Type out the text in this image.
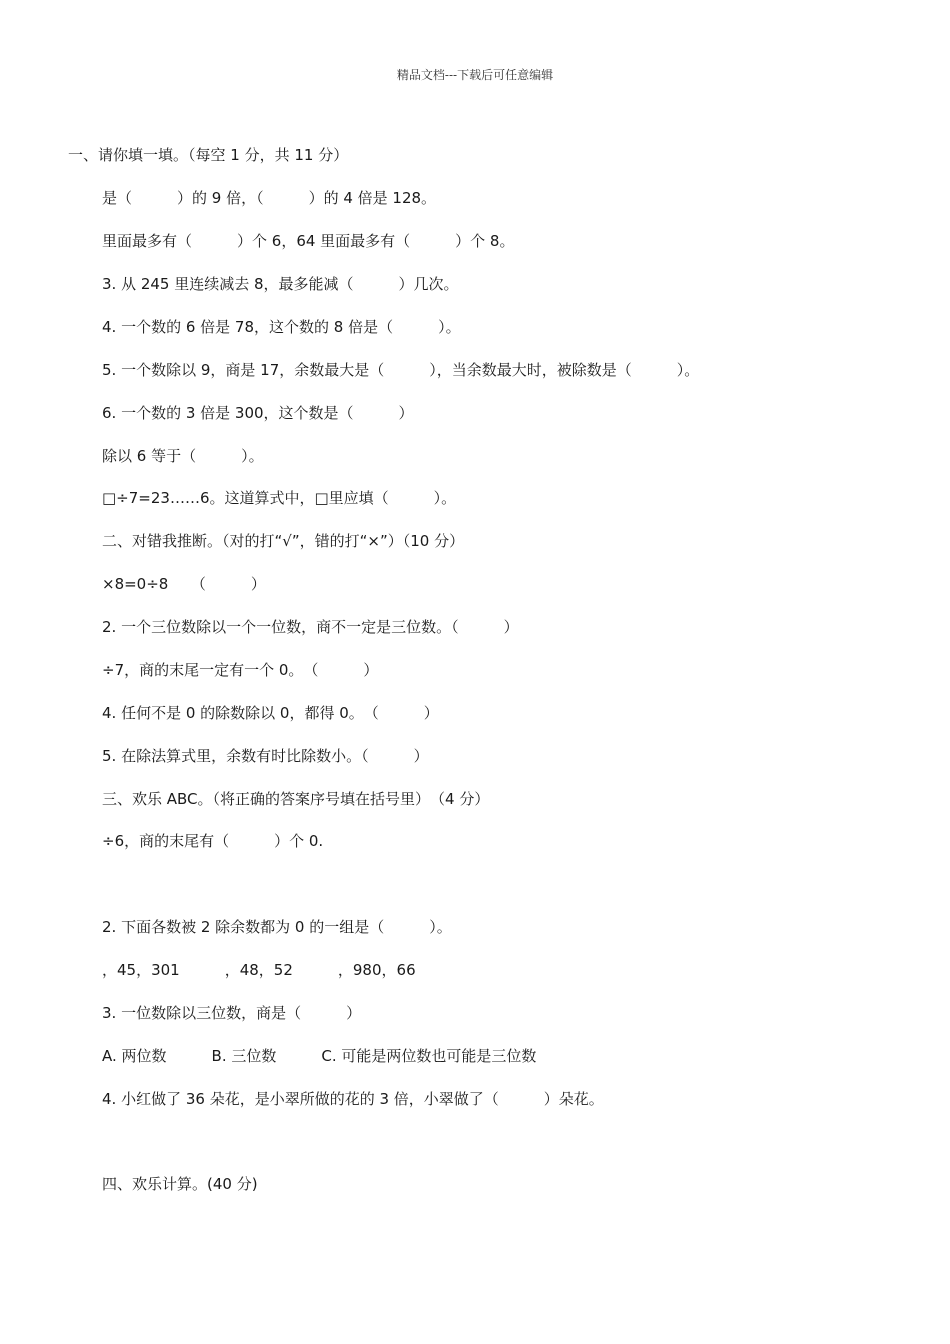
精品文档---下载后可任意编辑
一、请你填一填。（每空 1 分，共 11 分）
是（　　　）的 9 倍，（　　　）的 4 倍是 128。
里面最多有（　　　）个 6，64 里面最多有（　　　）个 8。
3. 从 245 里连续减去 8，最多能减（　　　）几次。
4. 一个数的 6 倍是 78，这个数的 8 倍是（　　　）。
5. 一个数除以 9，商是 17，余数最大是（　　　），当余数最大时，被除数是（　　　）。
6. 一个数的 3 倍是 300，这个数是（　　　）
除以 6 等于（　　　）。
□÷7=23……6。这道算式中，□里应填（　　　）。
二、对错我推断。（对的打“√”，错的打“×”）（10 分）
×8=0÷8　　（　　　）
2. 一个三位数除以一个一位数，商不一定是三位数。（　　　）
÷7，商的末尾一定有一个 0。　（　　　）
4. 任何不是 0 的除数除以 0，都得 0。　（　　　）
5. 在除法算式里，余数有时比除数小。（　　　）
三、欢乐 ABC。（将正确的答案序号填在括号里）　（4 分）
÷6，商的末尾有（　　　）个 0.
2. 下面各数被 2 除余数都为 0 的一组是（　　　）。
，45，301　　　，48，52　　　，980，66
3. 一位数除以三位数，商是（　　　）
A. 两位数　　　B. 三位数　　　C. 可能是两位数也可能是三位数
4. 小红做了 36 朵花，是小翠所做的花的 3 倍，小翠做了（　　　）朵花。
四、欢乐计算。(40 分)
